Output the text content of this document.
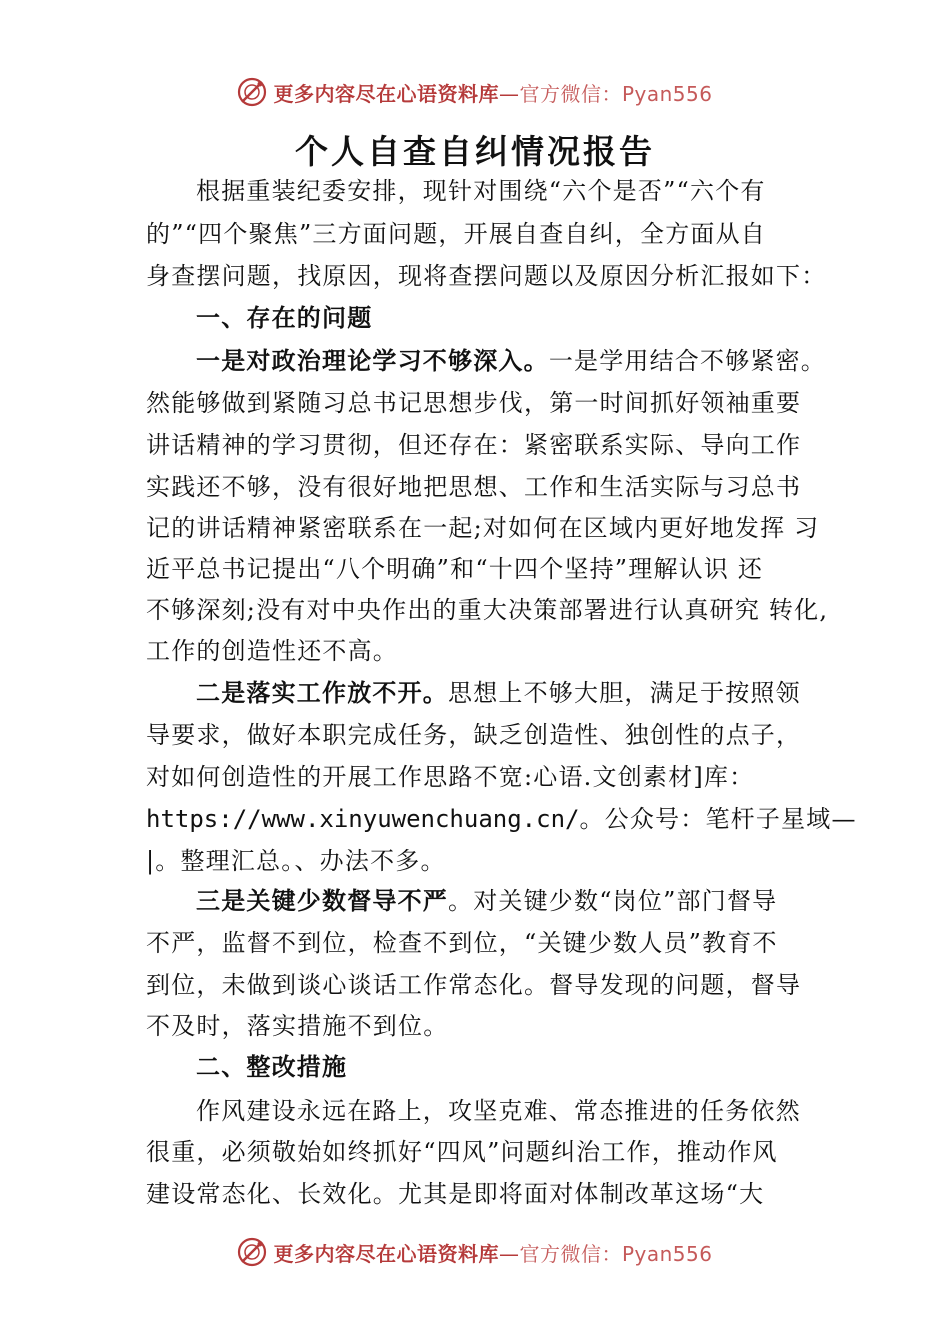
更多内容尽在心语资料库—官方微信：Pyan556
个人自查自纠情况报告
根据重装纪委安排，现针对围绕“六个是否”“六个有
的”“四个聚焦”三方面问题，开展自查自纠，全方面从自
身查摆问题，找原因，现将查摆问题以及原因分析汇报如下：
一、存在的问题
一是对政治理论学习不够深入。一是学用结合不够紧密。
然能够做到紧随习总书记思想步伐，第一时间抓好领袖重要
讲话精神的学习贯彻，但还存在：紧密联系实际、导向工作
实践还不够，没有很好地把思想、工作和生活实际与习总书
记的讲话精神紧密联系在一起;对如何在区域内更好地发挥 习
近平总书记提出“八个明确”和“十四个坚持”理解认识 还
不够深刻;没有对中央作出的重大决策部署进行认真研究 转化,
工作的创造性还不高。
二是落实工作放不开。思想上不够大胆，满足于按照领
导要求，做好本职完成任务，缺乏创造性、独创性的点子，
对如何创造性的开展工作思路不宽:心语.文创素材]库：
https://www.xinyuwenchuang.cn/。公众号：笔杆子星域—
|。整理汇总。、办法不多。
三是关键少数督导不严。对关键少数“岗位”部门督导
不严，监督不到位，检查不到位，“关键少数人员”教育不
到位，未做到谈心谈话工作常态化。督导发现的问题，督导
不及时，落实措施不到位。
二、整改措施
作风建设永远在路上，攻坚克难、常态推进的任务依然
很重，必须敬始如终抓好“四风”问题纠治工作，推动作风
建设常态化、长效化。尤其是即将面对体制改革这场“大
更多内容尽在心语资料库—官方微信：Pyan556
